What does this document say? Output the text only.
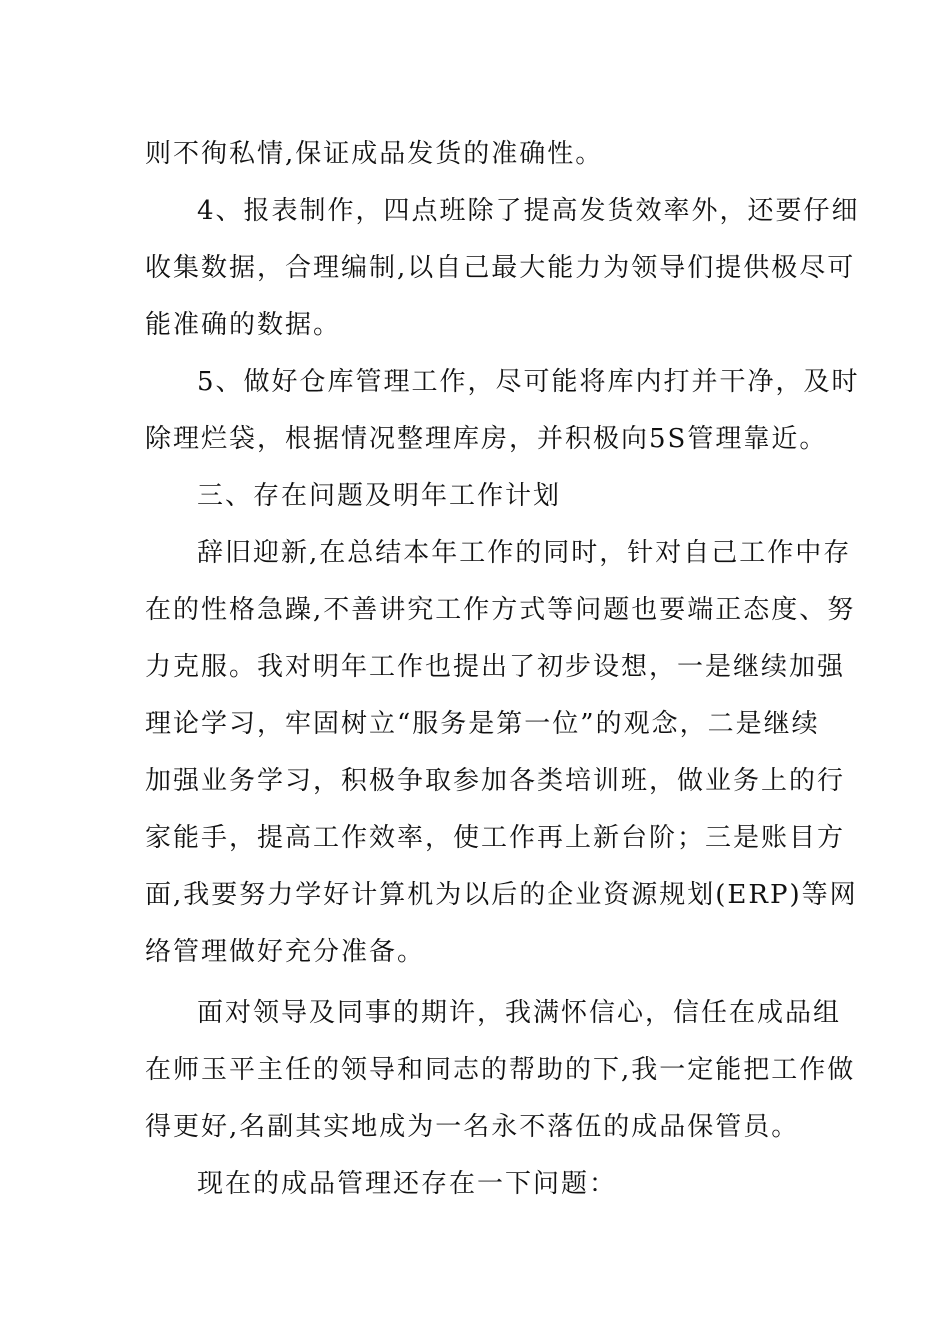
则不徇私情,保证成品发货的准确性。
4、报表制作，四点班除了提高发货效率外，还要仔细
收集数据，合理编制,以自己最大能力为领导们提供极尽可
能准确的数据。
5、做好仓库管理工作，尽可能将库内打并干净，及时
除理烂袋，根据情况整理库房，并积极向5S管理靠近。
三、存在问题及明年工作计划
辞旧迎新,在总结本年工作的同时，针对自己工作中存
在的性格急躁,不善讲究工作方式等问题也要端正态度、努
力克服。我对明年工作也提出了初步设想，一是继续加强
理论学习，牢固树立“服务是第一位”的观念，二是继续
加强业务学习，积极争取参加各类培训班，做业务上的行
家能手，提高工作效率，使工作再上新台阶；三是账目方
面,我要努力学好计算机为以后的企业资源规划(ERP)等网
络管理做好充分准备。
面对领导及同事的期许，我满怀信心，信任在成品组
在师玉平主任的领导和同志的帮助的下,我一定能把工作做
得更好,名副其实地成为一名永不落伍的成品保管员。
现在的成品管理还存在一下问题：
